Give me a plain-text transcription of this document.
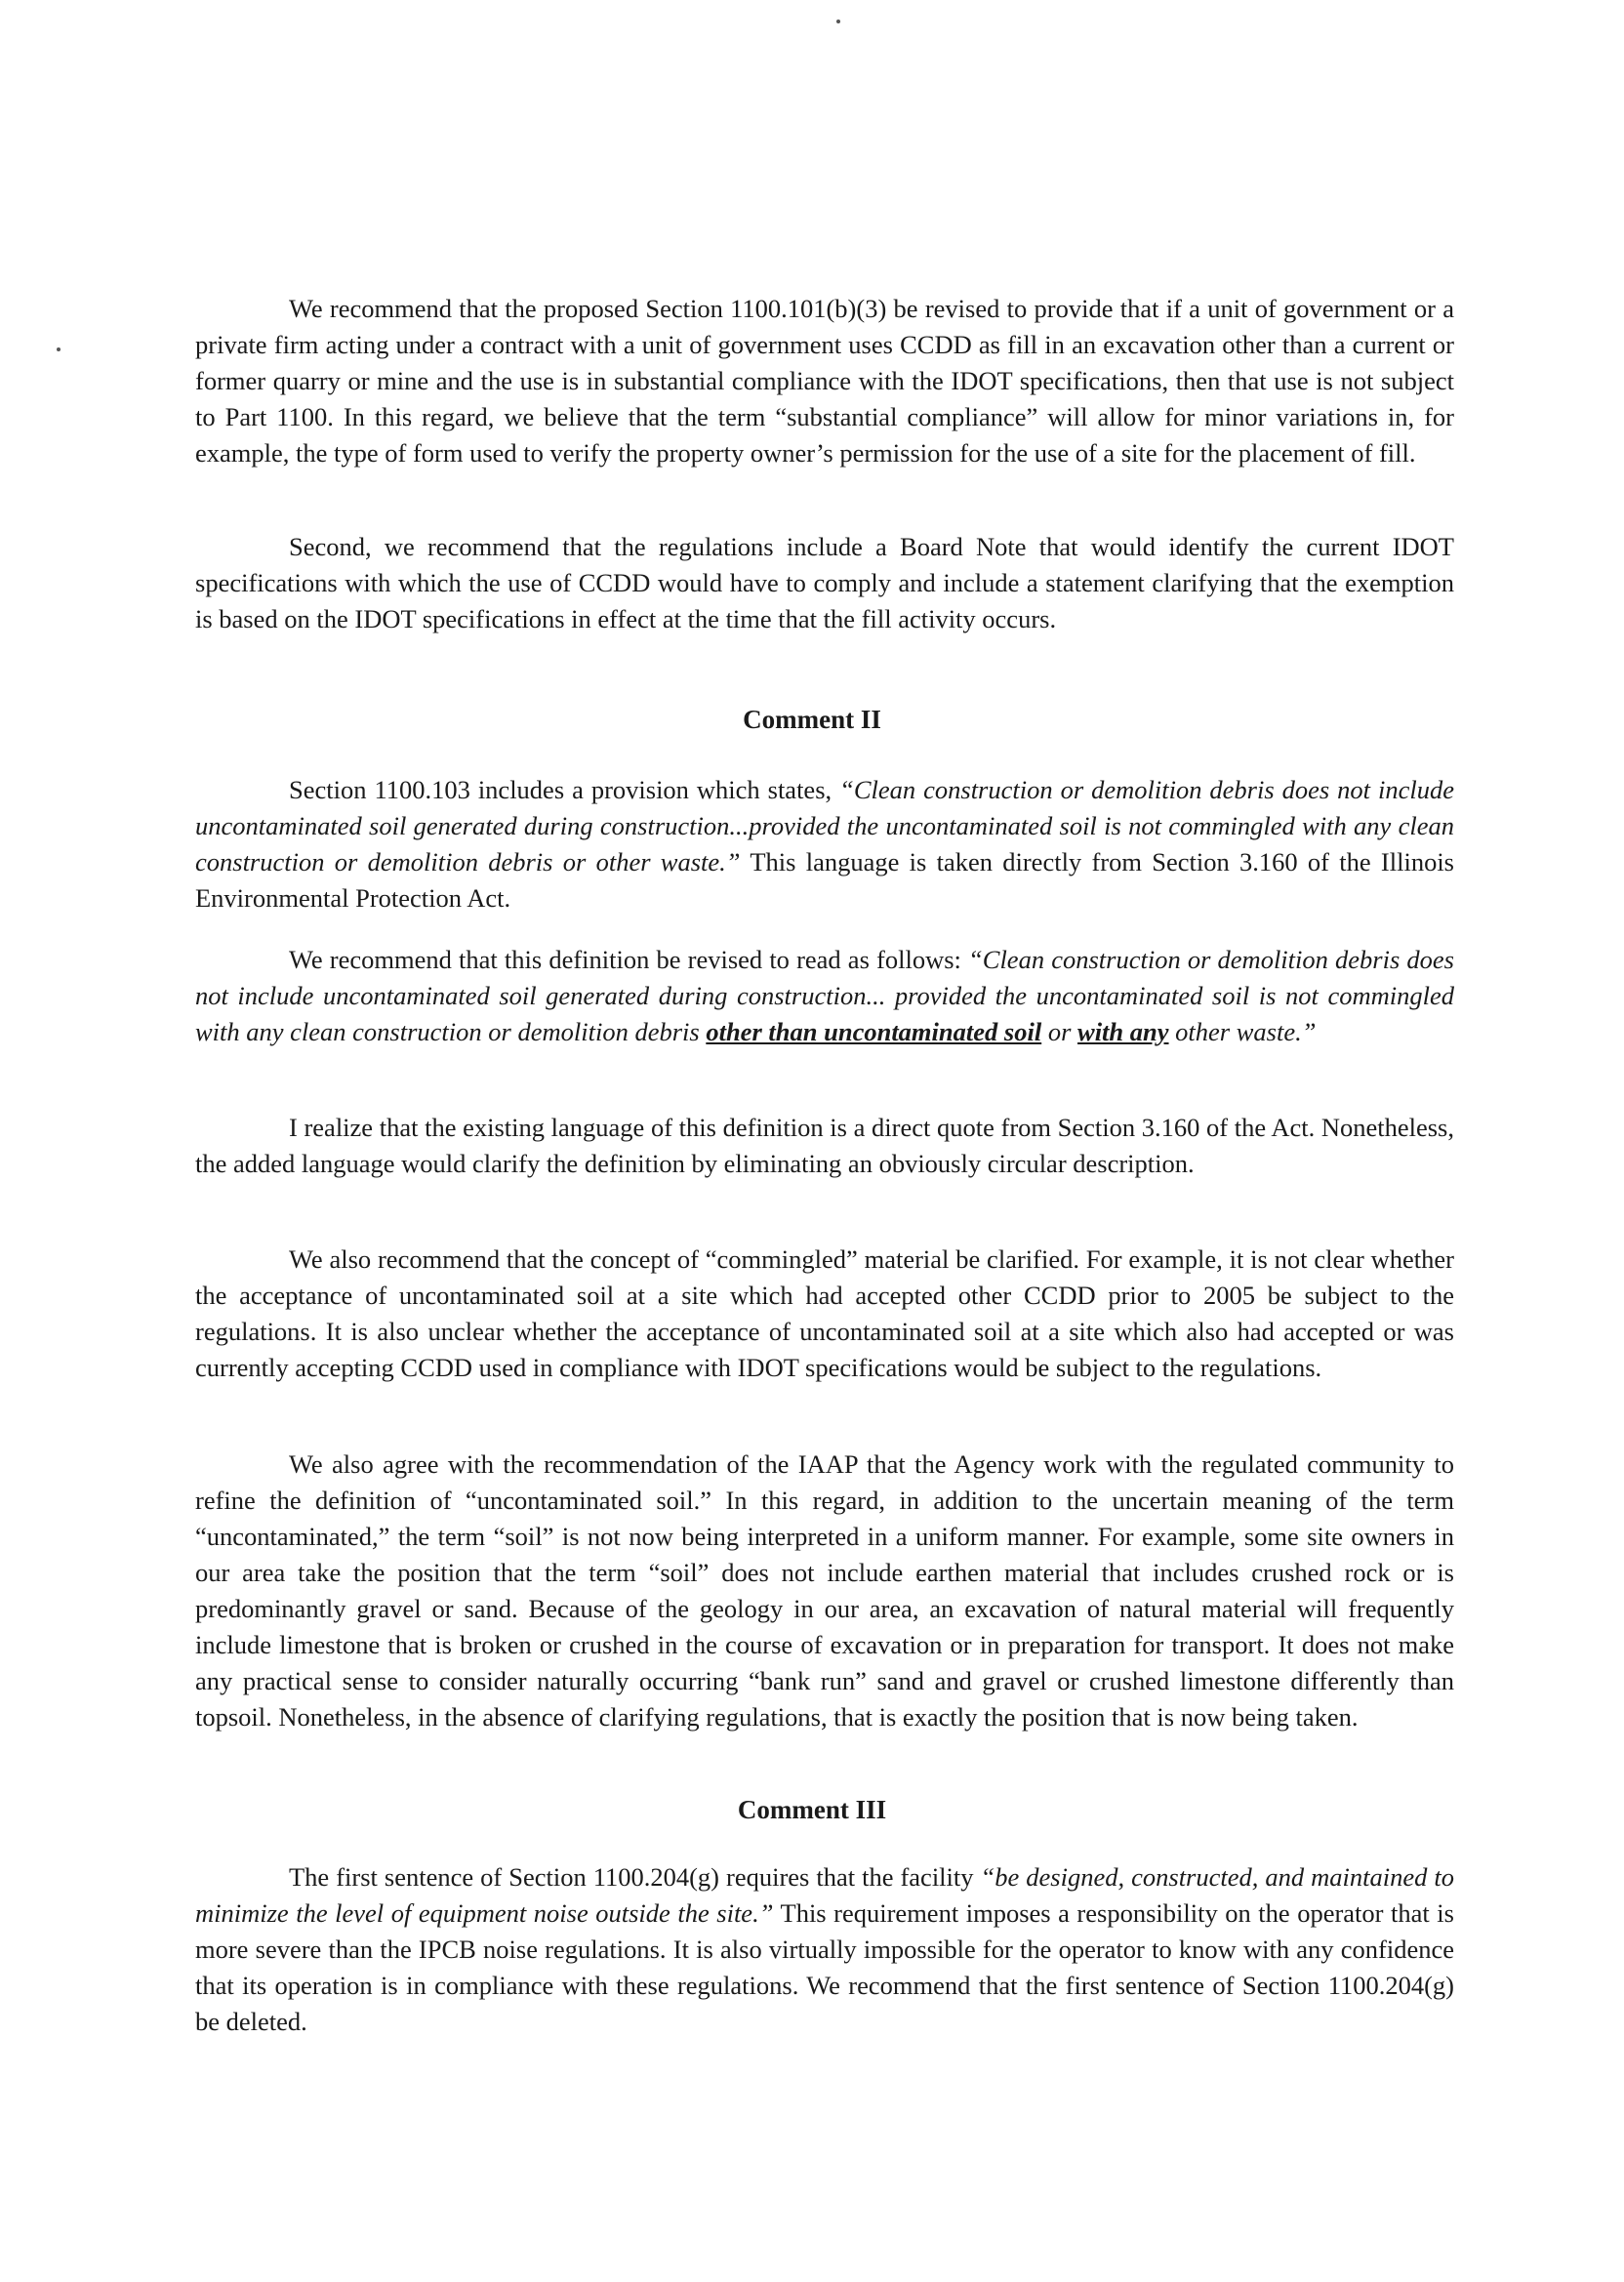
We recommend that the proposed Section 1100.101(b)(3) be revised to provide that if a unit of government or a private firm acting under a contract with a unit of government uses CCDD as fill in an excavation other than a current or former quarry or mine and the use is in substantial compliance with the IDOT specifications, then that use is not subject to Part 1100. In this regard, we believe that the term “substantial compliance” will allow for minor variations in, for example, the type of form used to verify the property owner’s permission for the use of a site for the placement of fill.

Second, we recommend that the regulations include a Board Note that would identify the current IDOT specifications with which the use of CCDD would have to comply and include a statement clarifying that the exemption is based on the IDOT specifications in effect at the time that the fill activity occurs.

Comment II

Section 1100.103 includes a provision which states, “Clean construction or demolition debris does not include uncontaminated soil generated during construction...provided the uncontaminated soil is not commingled with any clean construction or demolition debris or other waste.” This language is taken directly from Section 3.160 of the Illinois Environmental Protection Act.

We recommend that this definition be revised to read as follows: “Clean construction or demolition debris does not include uncontaminated soil generated during construction... provided the uncontaminated soil is not commingled with any clean construction or demolition debris other than uncontaminated soil or with any other waste.”

I realize that the existing language of this definition is a direct quote from Section 3.160 of the Act. Nonetheless, the added language would clarify the definition by eliminating an obviously circular description.

We also recommend that the concept of “commingled” material be clarified. For example, it is not clear whether the acceptance of uncontaminated soil at a site which had accepted other CCDD prior to 2005 be subject to the regulations. It is also unclear whether the acceptance of uncontaminated soil at a site which also had accepted or was currently accepting CCDD used in compliance with IDOT specifications would be subject to the regulations.

We also agree with the recommendation of the IAAP that the Agency work with the regulated community to refine the definition of “uncontaminated soil.” In this regard, in addition to the uncertain meaning of the term “uncontaminated,” the term “soil” is not now being interpreted in a uniform manner. For example, some site owners in our area take the position that the term “soil” does not include earthen material that includes crushed rock or is predominantly gravel or sand. Because of the geology in our area, an excavation of natural material will frequently include limestone that is broken or crushed in the course of excavation or in preparation for transport. It does not make any practical sense to consider naturally occurring “bank run” sand and gravel or crushed limestone differently than topsoil. Nonetheless, in the absence of clarifying regulations, that is exactly the position that is now being taken.

Comment III

The first sentence of Section 1100.204(g) requires that the facility “be designed, constructed, and maintained to minimize the level of equipment noise outside the site.” This requirement imposes a responsibility on the operator that is more severe than the IPCB noise regulations. It is also virtually impossible for the operator to know with any confidence that its operation is in compliance with these regulations. We recommend that the first sentence of Section 1100.204(g) be deleted.
